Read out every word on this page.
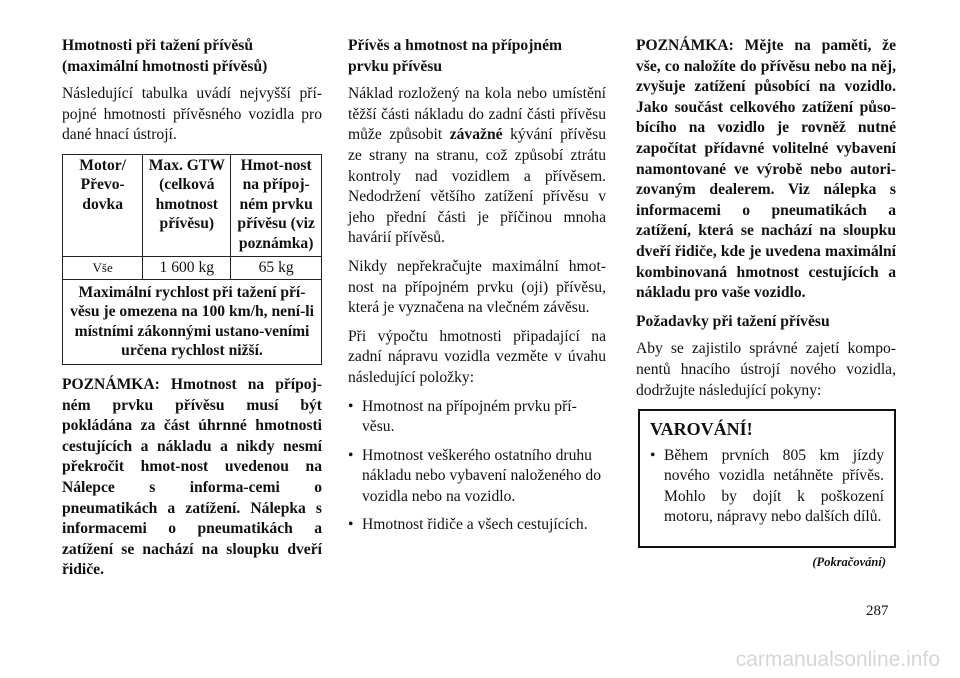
Hmotnosti při tažení přívěsů (maximální hmotnosti přívěsů)
Následující tabulka uvádí nejvyšší pří-pojné hmotnosti přívěsného vozidla pro dané hnací ústrojí.
Motor/ Převo-dovka	Max. GTW (celková hmotnost přívěsu)	Hmot-nost na přípoj-ném prvku přívěsu (viz poznámka)
Vše	1 600 kg	65 kg
Maximální rychlost při tažení pří-věsu je omezena na 100 km/h, není-li místními zákonnými ustano-veními určena rychlost nižší.		
POZNÁMKA: Hmotnost na přípoj-ném prvku přívěsu musí být pokládána za část úhrnné hmotnosti cestujících a nákladu a nikdy nesmí překročit hmot-nost uvedenou na Nálepce s informa-cemi o pneumatikách a zatížení. Nálepka s informacemi o pneumatikách a zatížení se nachází na sloupku dveří řidiče.
Přívěs a hmotnost na přípojném prvku přívěsu
Náklad rozložený na kola nebo umístění těžší části nákladu do zadní části přívěsu může způsobit závažné kývání přívěsu ze strany na stranu, což způsobí ztrátu kontroly nad vozidlem a přívěsem. Nedodržení většího zatížení přívěsu v jeho přední části je příčinou mnoha havárií přívěsů.
Nikdy nepřekračujte maximální hmot-nost na přípojném prvku (oji) přívěsu, která je vyznačena na vlečném závěsu.
Při výpočtu hmotnosti připadající na zadní nápravu vozidla vezměte v úvahu následující položky:
• Hmotnost na přípojném prvku pří-věsu.
• Hmotnost veškerého ostatního druhu nákladu nebo vybavení naloženého do vozidla nebo na vozidlo.
• Hmotnost řidiče a všech cestujících.
POZNÁMKA: Mějte na paměti, že vše, co naložíte do přívěsu nebo na něj, zvyšuje zatížení působící na vozidlo. Jako součást celkového zatížení půso-bícího na vozidlo je rovněž nutné započítat přídavné volitelné vybavení namontované ve výrobě nebo autori-zovaným dealerem. Viz nálepka s informacemi o pneumatikách a zatížení, která se nachází na sloupku dveří řidiče, kde je uvedena maximální kombinovaná hmotnost cestujících a nákladu pro vaše vozidlo.
Požadavky při tažení přívěsu
Aby se zajistilo správné zajetí kompo-nentů hnacího ústrojí nového vozidla, dodržujte následující pokyny:
VAROVÁNÍ!
• Během prvních 805 km jízdy nového vozidla netáhněte přívěs. Mohlo by dojít k poškození motoru, nápravy nebo dalších dílů.
(Pokračování)
287
carmanualsonline.info
